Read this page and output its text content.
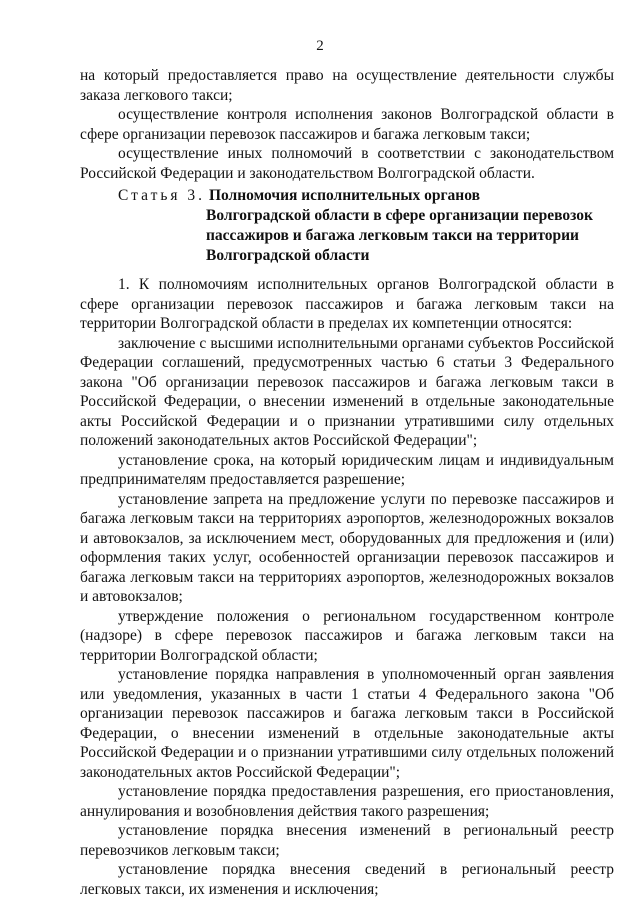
2

на который предоставляется право на осуществление деятельности службы заказа легкового такси;

осуществление контроля исполнения законов Волгоградской области в сфере организации перевозок пассажиров и багажа легковым такси;

осуществление иных полномочий в соответствии с законодательством Российской Федерации и законодательством Волгоградской области.

Статья 3. Полномочия исполнительных органов
Волгоградской области в сфере организации перевозок
пассажиров и багажа легковым такси на территории
Волгоградской области

1. К полномочиям исполнительных органов Волгоградской области в сфере организации перевозок пассажиров и багажа легковым такси на территории Волгоградской области в пределах их компетенции относятся:

заключение с высшими исполнительными органами субъектов Российской Федерации соглашений, предусмотренных частью 6 статьи 3 Федерального закона "Об организации перевозок пассажиров и багажа легковым такси в Российской Федерации, о внесении изменений в отдельные законодательные акты Российской Федерации и о признании утратившими силу отдельных положений законодательных актов Российской Федерации";

установление срока, на который юридическим лицам и индивидуальным предпринимателям предоставляется разрешение;

установление запрета на предложение услуги по перевозке пассажиров и багажа легковым такси на территориях аэропортов, железнодорожных вокзалов и автовокзалов, за исключением мест, оборудованных для предложения и (или) оформления таких услуг, особенностей организации перевозок пассажиров и багажа легковым такси на территориях аэропортов, железнодорожных вокзалов и автовокзалов;

утверждение положения о региональном государственном контроле (надзоре) в сфере перевозок пассажиров и багажа легковым такси на территории Волгоградской области;

установление порядка направления в уполномоченный орган заявления или уведомления, указанных в части 1 статьи 4 Федерального закона "Об организации перевозок пассажиров и багажа легковым такси в Российской Федерации, о внесении изменений в отдельные законодательные акты Российской Федерации и о признании утратившими силу отдельных положений законодательных актов Российской Федерации";

установление порядка предоставления разрешения, его приостановления, аннулирования и возобновления действия такого разрешения;

установление порядка внесения изменений в региональный реестр перевозчиков легковым такси;

установление порядка внесения сведений в региональный реестр легковых такси, их изменения и исключения;
